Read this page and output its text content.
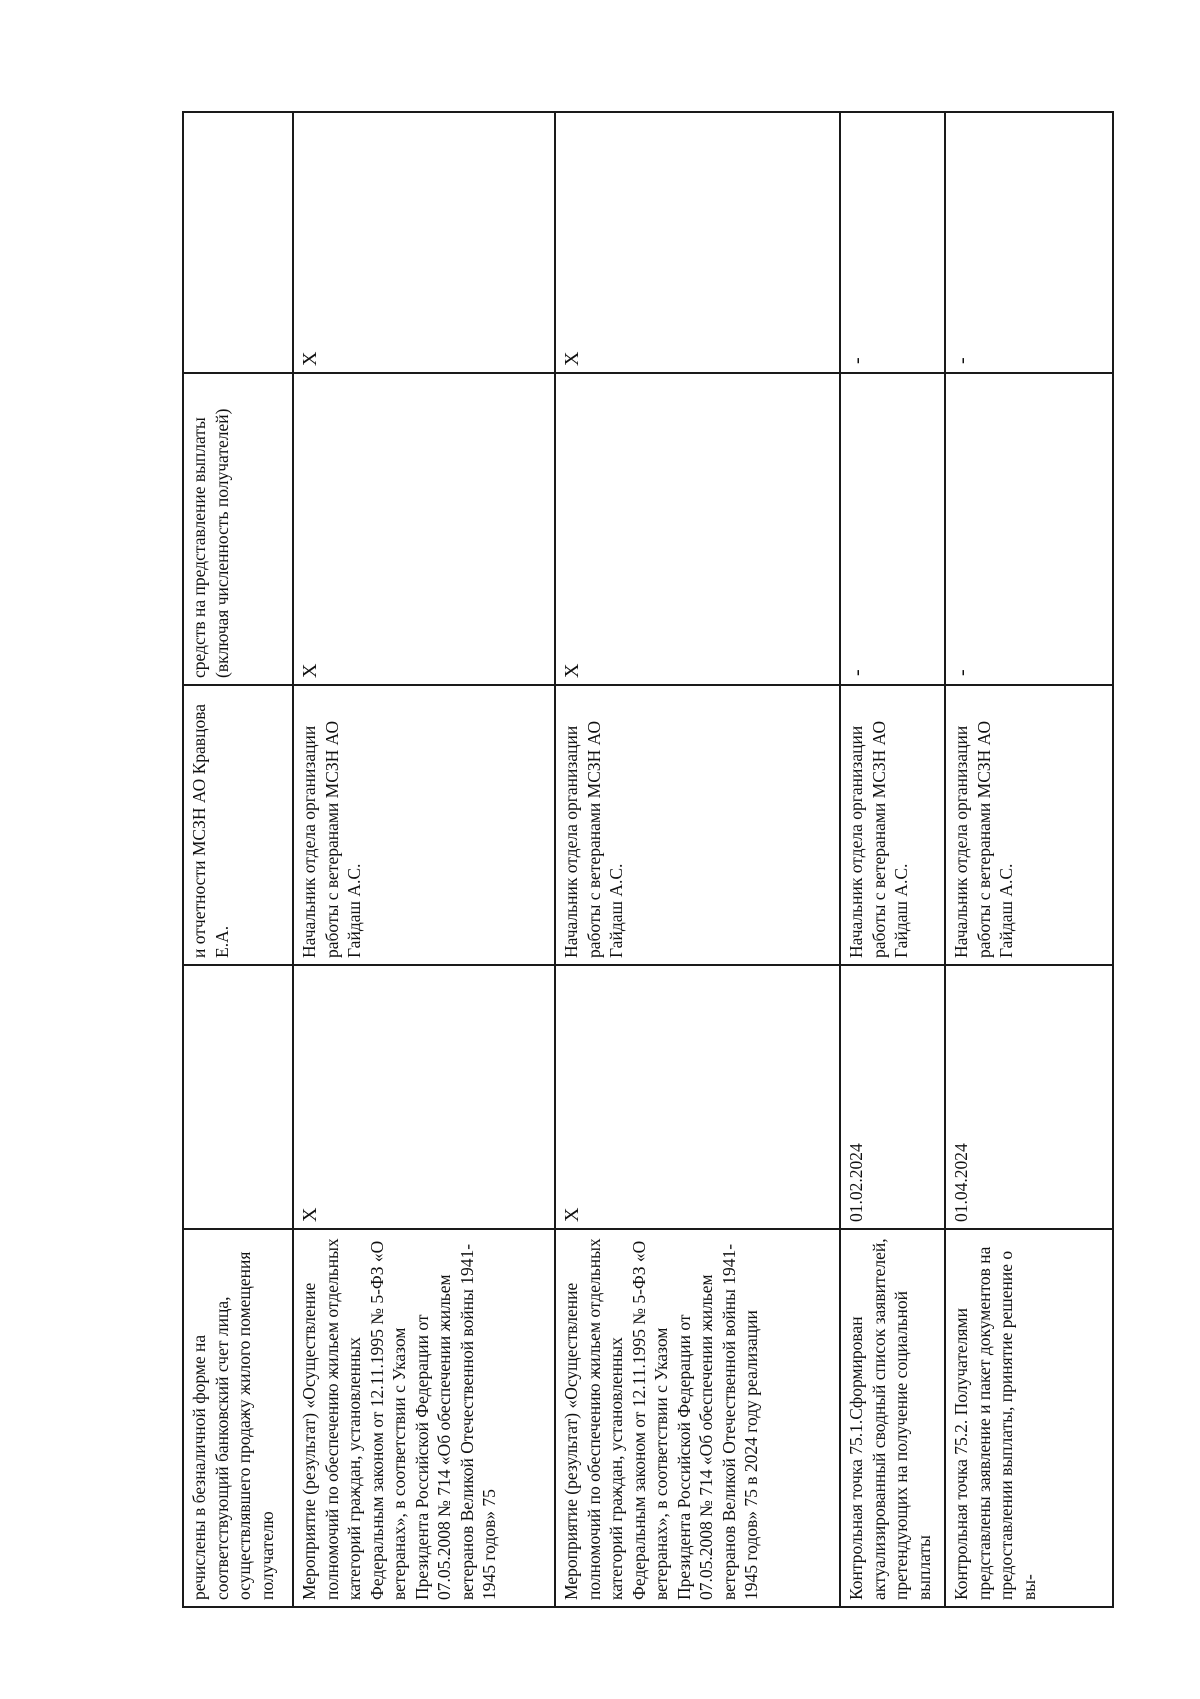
речислены в безналичной форме на соответствующий банковский счет лица, осуществлявшего продажу жилого помещения получателю		и отчетности МСЗН АО Кравцова Е.А.	средств на представление выплаты (включая численность получателей)	

Мероприятие (результат) «Осуществление полномочий по обеспечению жильем отдельных категорий граждан, установленных Федеральным законом от 12.11.1995 № 5-ФЗ «О ветеранах», в соответствии с Указом Президента Российской Федерации от 07.05.2008 № 714 «Об обеспечении жильем ветеранов Великой Отечественной войны 1941-1945 годов» 75	X	Начальник отдела организации работы с ветеранами МСЗН АО Гайдаш А.С.	X	X

Мероприятие (результат) «Осуществление полномочий по обеспечению жильем отдельных категорий граждан, установленных Федеральным законом от 12.11.1995 № 5-ФЗ «О ветеранах», в соответствии с Указом Президента Российской Федерации от 07.05.2008 № 714 «Об обеспечении жильем ветеранов Великой Отечественной войны 1941-1945 годов» 75 в 2024 году реализации	X	Начальник отдела организации работы с ветеранами МСЗН АО Гайдаш А.С.	X	X

Контрольная точка 75.1.Сформирован актуализированный сводный список заявителей, претендующих на получение социальной выплаты	01.02.2024	Начальник отдела организации работы с ветеранами МСЗН АО Гайдаш А.С.	-	-

Контрольная точка 75.2. Получателями представлены заявление и пакет документов на предоставлении выплаты, принятие решение о вы-	01.04.2024	Начальник отдела организации работы с ветеранами МСЗН АО Гайдаш А.С.	-	-
